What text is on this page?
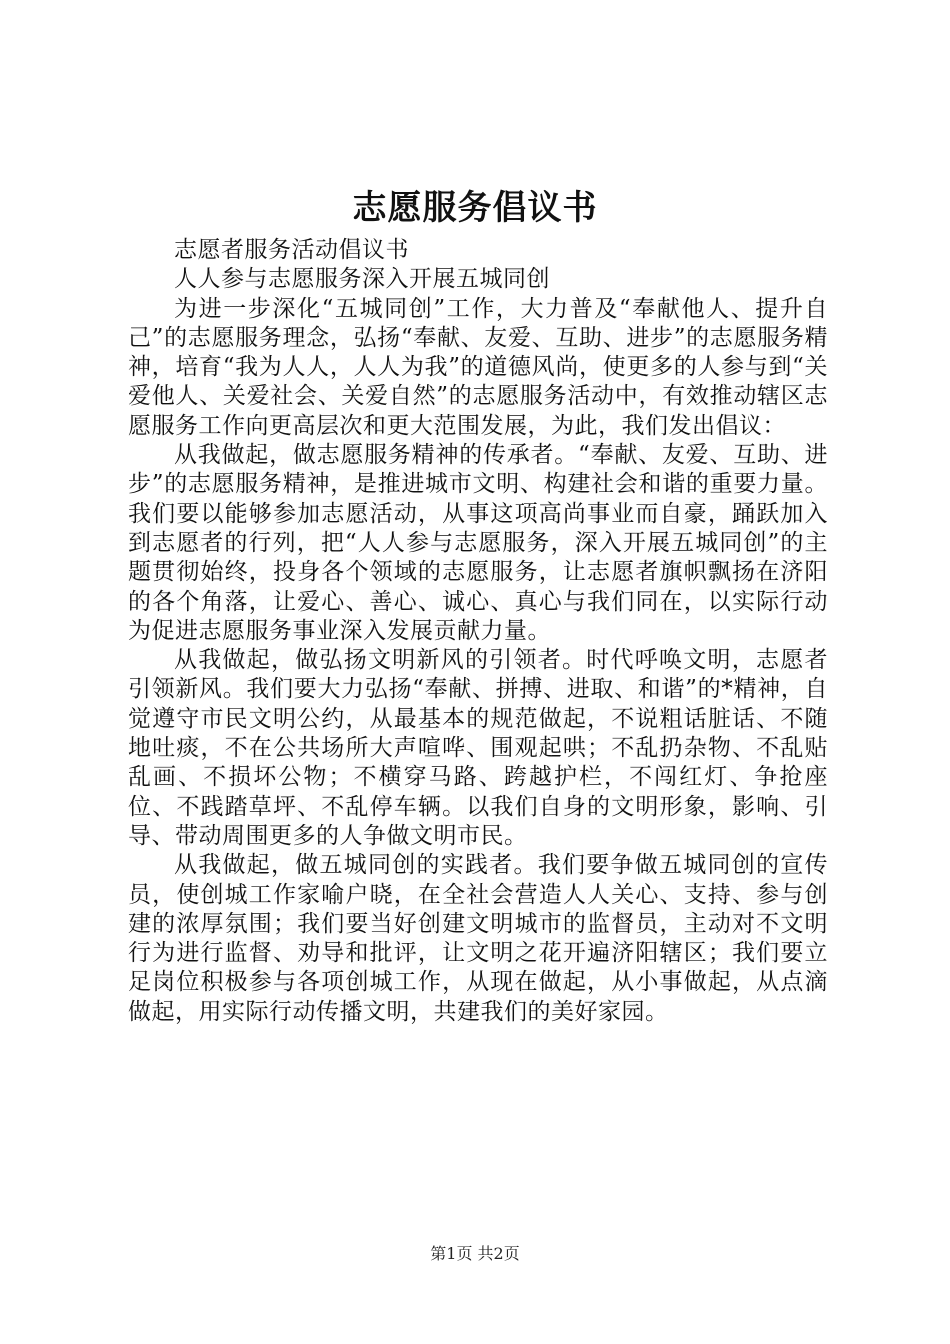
志愿服务倡议书

志愿者服务活动倡议书

人人参与志愿服务深入开展五城同创

为进一步深化“五城同创”工作，大力普及“奉献他人、提升自己”的志愿服务理念，弘扬“奉献、友爱、互助、进步”的志愿服务精神，培育“我为人人，人人为我”的道德风尚，使更多的人参与到“关爱他人、关爱社会、关爱自然”的志愿服务活动中，有效推动辖区志愿服务工作向更高层次和更大范围发展，为此，我们发出倡议：

从我做起，做志愿服务精神的传承者。“奉献、友爱、互助、进步”的志愿服务精神，是推进城市文明、构建社会和谐的重要力量。我们要以能够参加志愿活动，从事这项高尚事业而自豪，踊跃加入到志愿者的行列，把“人人参与志愿服务，深入开展五城同创”的主题贯彻始终，投身各个领域的志愿服务，让志愿者旗帜飘扬在济阳的各个角落，让爱心、善心、诚心、真心与我们同在，以实际行动为促进志愿服务事业深入发展贡献力量。

从我做起，做弘扬文明新风的引领者。时代呼唤文明，志愿者引领新风。我们要大力弘扬“奉献、拼搏、进取、和谐”的*精神，自觉遵守市民文明公约，从最基本的规范做起，不说粗话脏话、不随地吐痰，不在公共场所大声喧哗、围观起哄；不乱扔杂物、不乱贴乱画、不损坏公物；不横穿马路、跨越护栏，不闯红灯、争抢座位、不践踏草坪、不乱停车辆。以我们自身的文明形象，影响、引导、带动周围更多的人争做文明市民。

从我做起，做五城同创的实践者。我们要争做五城同创的宣传员，使创城工作家喻户晓，在全社会营造人人关心、支持、参与创建的浓厚氛围；我们要当好创建文明城市的监督员，主动对不文明行为进行监督、劝导和批评，让文明之花开遍济阳辖区；我们要立足岗位积极参与各项创城工作，从现在做起，从小事做起，从点滴做起，用实际行动传播文明，共建我们的美好家园。

第1页 共2页
